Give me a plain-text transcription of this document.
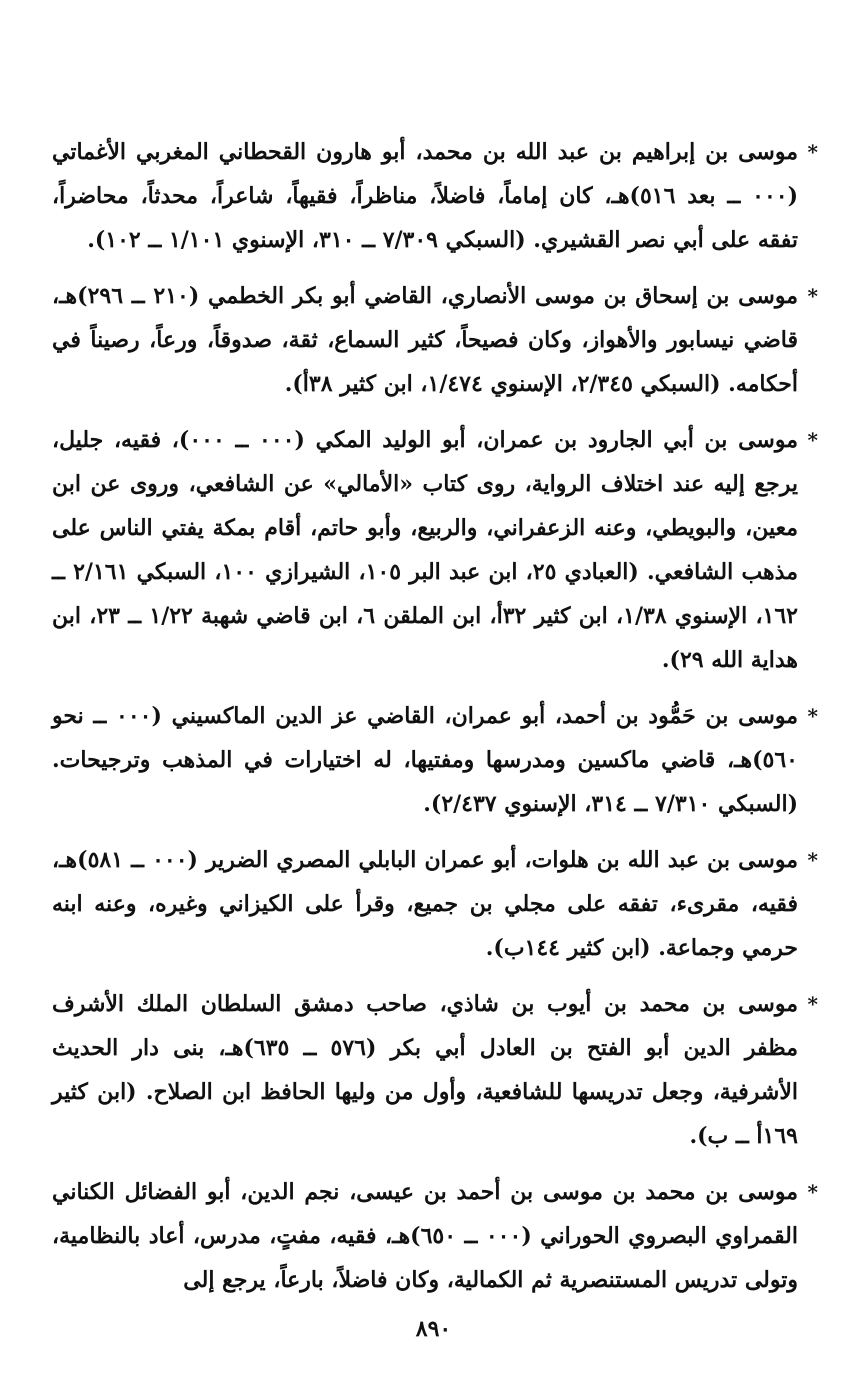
*
موسى بن إبراهيم بن عبد الله بن محمد، أبو هارون القحطاني المغربي الأغماتي (٠٠٠ ــ بعد ٥١٦)هـ، كان إماماً، فاضلاً، مناظراً، فقيهاً، شاعراً، محدثاً، محاضراً، تفقه على أبي نصر القشيري. (السبكي ٧/٣٠٩ ــ ٣١٠، الإسنوي ١/١٠١ ــ ١٠٢).
*
موسى بن إسحاق بن موسى الأنصاري، القاضي أبو بكر الخطمي (٢١٠ ــ ٢٩٦)هـ، قاضي نيسابور والأهواز، وكان فصيحاً، كثير السماع، ثقة، صدوقاً، ورعاً، رصيناً في أحكامه. (السبكي ٢/٣٤٥، الإسنوي ١/٤٧٤، ابن كثير ٣٨أ).
*
موسى بن أبي الجارود بن عمران، أبو الوليد المكي (٠٠٠ ــ ٠٠٠)، فقيه، جليل، يرجع إليه عند اختلاف الرواية، روى كتاب «الأمالي» عن الشافعي، وروى عن ابن معين، والبويطي، وعنه الزعفراني، والربيع، وأبو حاتم، أقام بمكة يفتي الناس على مذهب الشافعي. (العبادي ٢٥، ابن عبد البر ١٠٥، الشيرازي ١٠٠، السبكي ٢/١٦١ ــ ١٦٢، الإسنوي ١/٣٨، ابن كثير ٣٢أ، ابن الملقن ٦، ابن قاضي شهبة ١/٢٢ ــ ٢٣، ابن هداية الله ٢٩).
*
موسى بن حَمُّود بن أحمد، أبو عمران، القاضي عز الدين الماكسيني (٠٠٠ ــ نحو ٥٦٠)هـ، قاضي ماكسين ومدرسها ومفتيها، له اختيارات في المذهب وترجيحات. (السبكي ٧/٣١٠ ــ ٣١٤، الإسنوي ٢/٤٣٧).
*
موسى بن عبد الله بن هلوات، أبو عمران البابلي المصري الضرير (٠٠٠ ــ ٥٨١)هـ، فقيه، مقرىء، تفقه على مجلي بن جميع، وقرأ على الكيزاني وغيره، وعنه ابنه حرمي وجماعة. (ابن كثير ١٤٤ب).
*
موسى بن محمد بن أيوب بن شاذي، صاحب دمشق السلطان الملك الأشرف مظفر الدين أبو الفتح بن العادل أبي بكر (٥٧٦ ــ ٦٣٥)هـ، بنى دار الحديث الأشرفية، وجعل تدريسها للشافعية، وأول من وليها الحافظ ابن الصلاح. (ابن كثير ١٦٩أ ــ ب).
*
موسى بن محمد بن موسى بن أحمد بن عيسى، نجم الدين، أبو الفضائل الكناني القمراوي البصروي الحوراني (٠٠٠ ــ ٦٥٠)هـ، فقيه، مفتٍ، مدرس، أعاد بالنظامية، وتولى تدريس المستنصرية ثم الكمالية، وكان فاضلاً، بارعاً، يرجع إلى
٨٩٠
